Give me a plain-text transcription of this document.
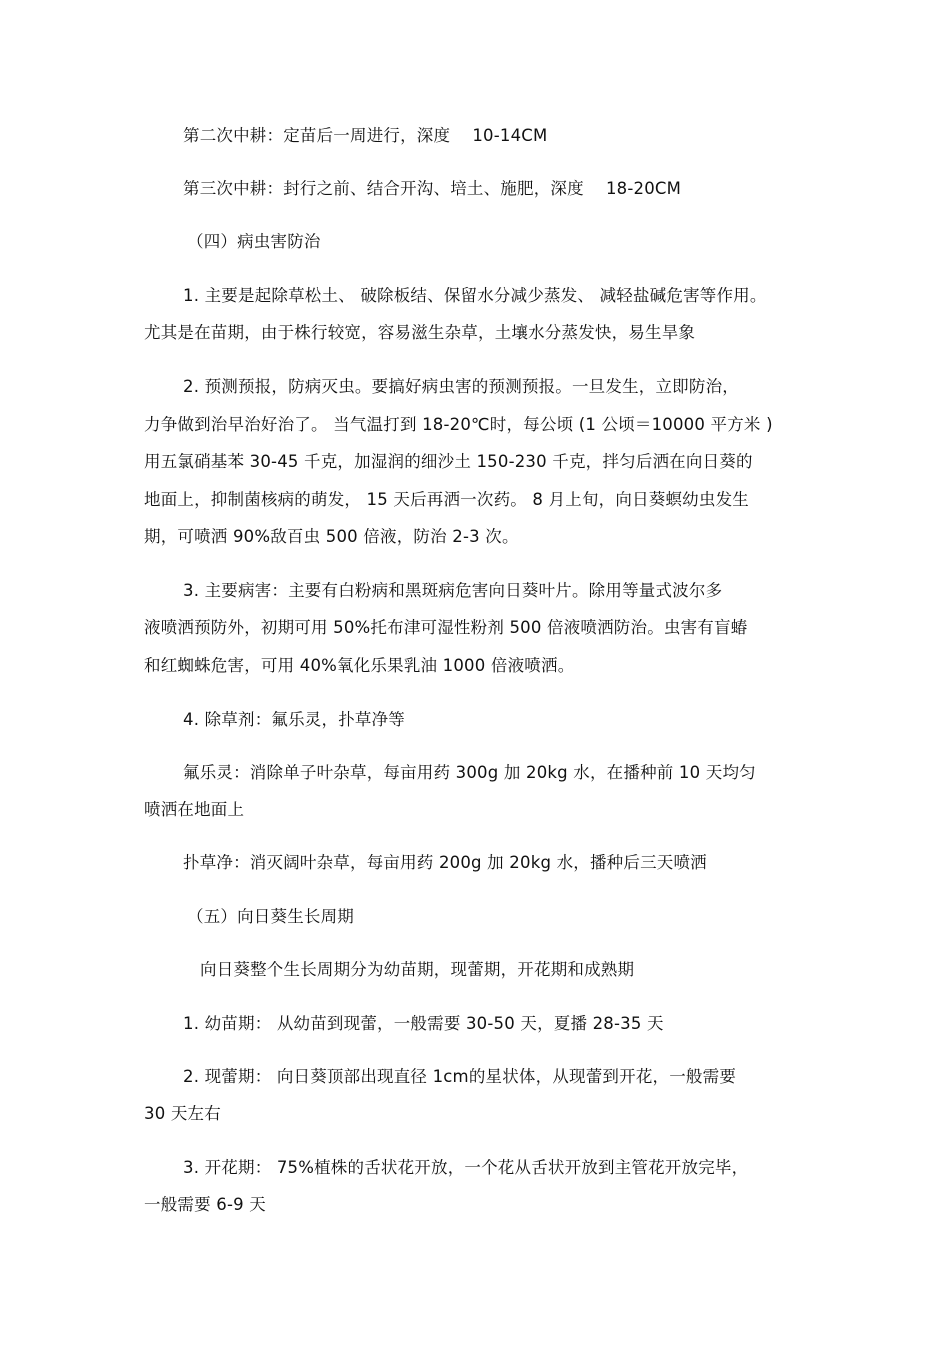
第二次中耕：定苗后一周进行，深度　 10-14CM
第三次中耕：封行之前、结合开沟、培土、施肥，深度　 18-20CM
（四）病虫害防治
1. 主要是起除草松土、 破除板结、保留水分减少蒸发、 减轻盐碱危害等作用。
尤其是在苗期，由于株行较宽，容易滋生杂草，土壤水分蒸发快，易生旱象
2. 预测预报，防病灭虫。要搞好病虫害的预测预报。一旦发生，立即防治，
力争做到治早治好治了。 当气温打到 18-20℃时，每公顷 (1 公顷＝10000 平方米 )
用五氯硝基苯 30-45 千克，加湿润的细沙土 150-230 千克，拌匀后洒在向日葵的
地面上，抑制菌核病的萌发， 15 天后再洒一次药。 8 月上旬，向日葵螟幼虫发生
期，可喷洒 90%敌百虫 500 倍液，防治 2-3 次。
3. 主要病害：主要有白粉病和黑斑病危害向日葵叶片。除用等量式波尔多
液喷洒预防外，初期可用 50%托布津可湿性粉剂 500 倍液喷洒防治。虫害有盲蝽
和红蜘蛛危害，可用 40%氧化乐果乳油 1000 倍液喷洒。
4. 除草剂：氟乐灵，扑草净等
氟乐灵：消除单子叶杂草，每亩用药 300g 加 20kg 水，在播种前 10 天均匀
喷洒在地面上
扑草净：消灭阔叶杂草，每亩用药 200g 加 20kg 水，播种后三天喷洒
（五）向日葵生长周期
向日葵整个生长周期分为幼苗期，现蕾期，开花期和成熟期
1. 幼苗期： 从幼苗到现蕾，一般需要 30-50 天，夏播 28-35 天
2. 现蕾期： 向日葵顶部出现直径 1cm的星状体，从现蕾到开花，一般需要
30 天左右
3. 开花期： 75%植株的舌状花开放，一个花从舌状开放到主管花开放完毕，
一般需要 6-9 天
